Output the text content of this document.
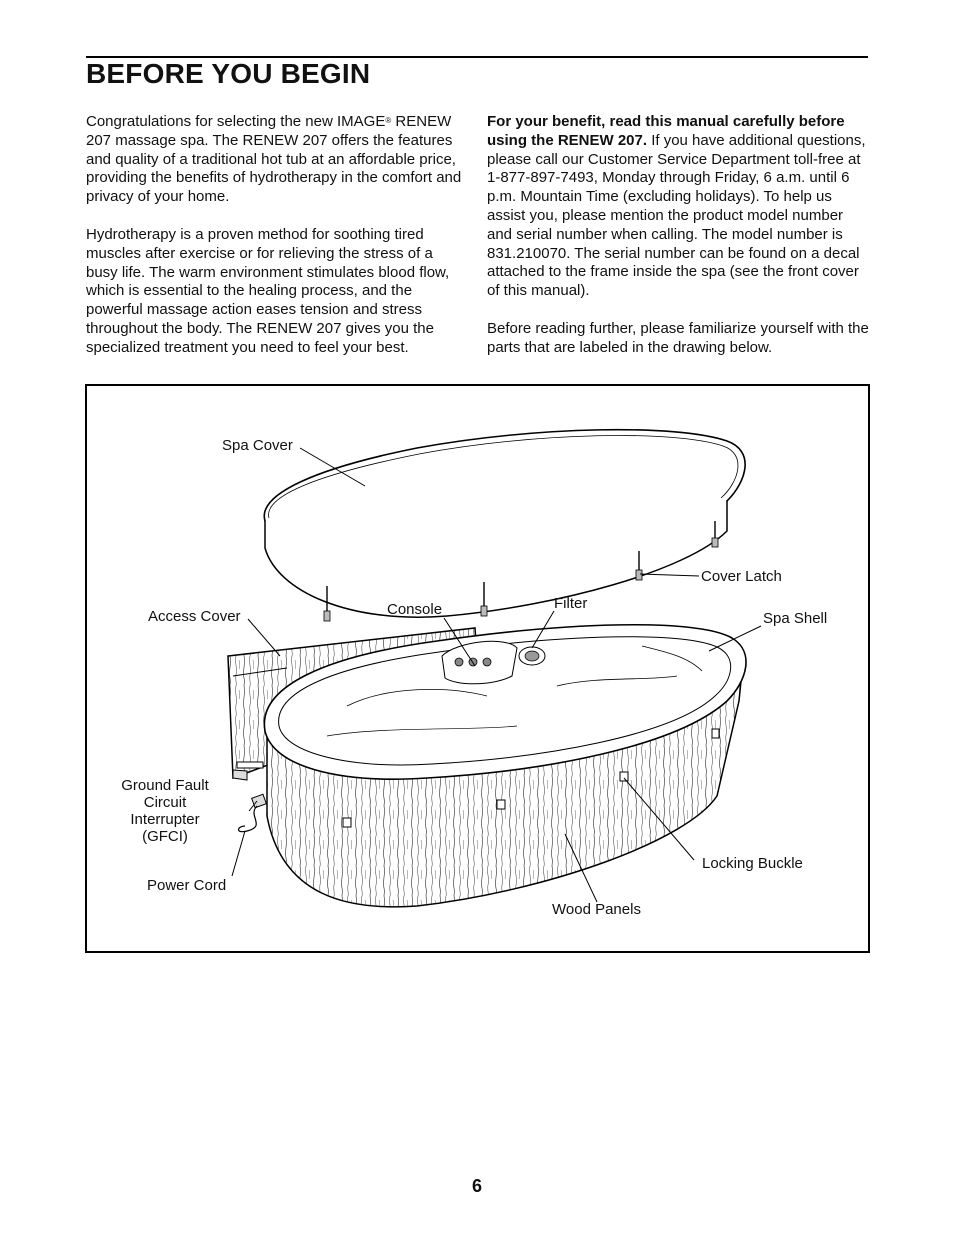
BEFORE YOU BEGIN

Congratulations for selecting the new IMAGE® RENEW 207 massage spa. The RENEW 207 offers the features and quality of a traditional hot tub at an affordable price, providing the benefits of hydrotherapy in the comfort and privacy of your home.

Hydrotherapy is a proven method for soothing tired muscles after exercise or for relieving the stress of a busy life. The warm environment stimulates blood flow, which is essential to the healing process, and the powerful massage action eases tension and stress throughout the body. The RENEW 207 gives you the specialized treatment you need to feel your best.

For your benefit, read this manual carefully before using the RENEW 207. If you have additional questions, please call our Customer Service Department toll-free at 1-877-897-7493, Monday through Friday, 6 a.m. until 6 p.m. Mountain Time (excluding holidays). To help us assist you, please mention the product model number and serial number when calling. The model number is 831.210070. The serial number can be found on a decal attached to the frame inside the spa (see the front cover of this manual).

Before reading further, please familiarize yourself with the parts that are labeled in the drawing below.

Spa Cover
Cover Latch
Access Cover	Console	Filter
Spa Shell
Ground Fault
Circuit
Interrupter
(GFCI)
Power Cord
Locking Buckle
Wood Panels
6
